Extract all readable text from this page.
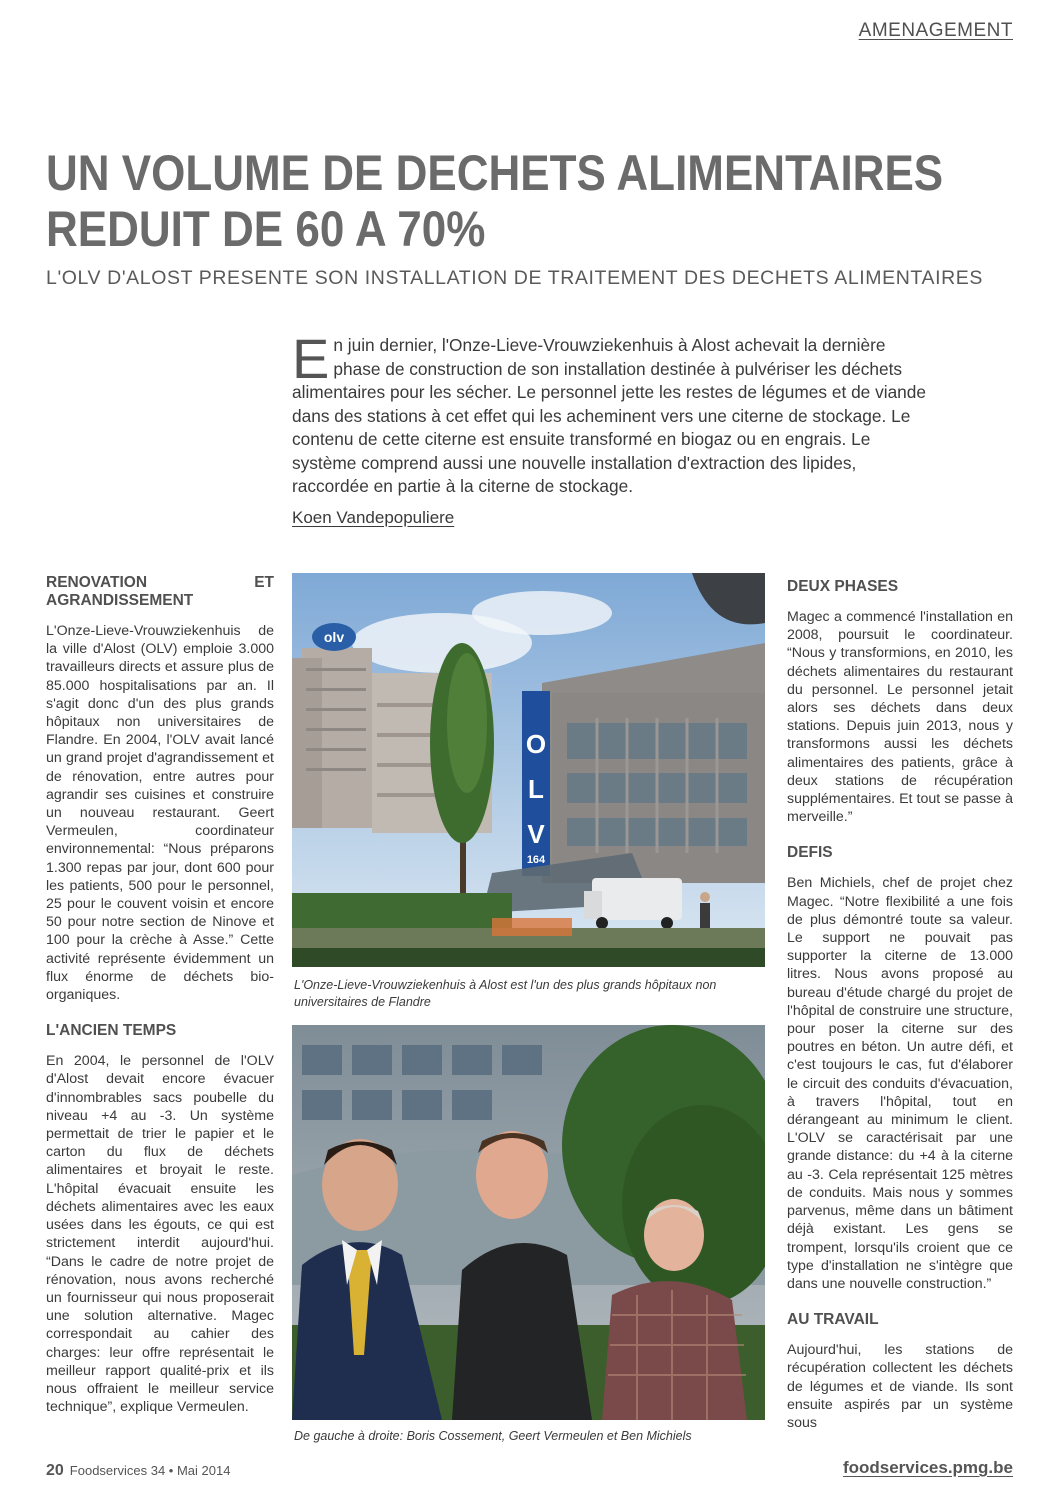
AMENAGEMENT
UN VOLUME DE DECHETS ALIMENTAIRES
REDUIT DE 60 A 70%
L'OLV D'ALOST PRESENTE SON INSTALLATION DE TRAITEMENT DES DECHETS ALIMENTAIRES

En juin dernier, l'Onze-Lieve-Vrouwziekenhuis à Alost achevait la dernière phase de construction de son installation destinée à pulvériser les déchets alimentaires pour les sécher. Le personnel jette les restes de légumes et de viande dans des stations à cet effet qui les acheminent vers une citerne de stockage. Le contenu de cette citerne est ensuite transformé en biogaz ou en engrais. Le système comprend aussi une nouvelle installation d'extraction des lipides, raccordée en partie à la citerne de stockage.

Koen Vandepopuliere
RENOVATION ET AGRANDISSEMENT

L'Onze-Lieve-Vrouwziekenhuis de la ville d'Alost (OLV) emploie 3.000 travailleurs directs et assure plus de 85.000 hospitalisations par an. Il s'agit donc d'un des plus grands hôpitaux non universitaires de Flandre. En 2004, l'OLV avait lancé un grand projet d'agrandissement et de rénovation, entre autres pour agrandir ses cuisines et construire un nouveau restaurant. Geert Vermeulen, coordinateur environnemental: “Nous préparons 1.300 repas par jour, dont 600 pour les patients, 500 pour le personnel, 25 pour le couvent voisin et encore 50 pour notre section de Ninove et 100 pour la crèche à Asse.” Cette activité représente évidemment un flux énorme de déchets bio-organiques.

L'ANCIEN TEMPS

En 2004, le personnel de l'OLV d'Alost devait encore évacuer d'innombrables sacs poubelle du niveau +4 au -3. Un système permettait de trier le papier et le carton du flux de déchets alimentaires et broyait le reste. L'hôpital évacuait ensuite les déchets alimentaires avec les eaux usées dans les égouts, ce qui est strictement interdit aujourd'hui. “Dans le cadre de notre projet de rénovation, nous avons recherché un fournisseur qui nous proposerait une solution alternative. Magec correspondait au cahier des charges: leur offre représentait le meilleur rapport qualité-prix et ils nous offraient le meilleur service technique”, explique Vermeulen.

olv
O
L
V
164
L'Onze-Lieve-Vrouwziekenhuis à Alost est l'un des plus grands hôpitaux non universitaires de Flandre
De gauche à droite: Boris Cossement, Geert Vermeulen et Ben Michiels
DEUX PHASES

Magec a commencé l'installation en 2008, poursuit le coordinateur. “Nous y transformions, en 2010, les déchets alimentaires du restaurant du personnel. Le personnel jetait alors ses déchets dans deux stations. Depuis juin 2013, nous y transformons aussi les déchets alimentaires des patients, grâce à deux stations de récupération supplémentaires. Et tout se passe à merveille.”

DEFIS

Ben Michiels, chef de projet chez Magec. “Notre flexibilité a une fois de plus démontré toute sa valeur. Le support ne pouvait pas supporter la citerne de 13.000 litres. Nous avons proposé au bureau d'étude chargé du projet de l'hôpital de construire une structure, pour poser la citerne sur des poutres en béton. Un autre défi, et c'est toujours le cas, fut d'élaborer le circuit des conduits d'évacuation, à travers l'hôpital, tout en dérangeant au minimum le client. L'OLV se caractérisait par une grande distance: du +4 à la citerne au -3. Cela représentait 125 mètres de conduits. Mais nous y sommes parvenus, même dans un bâtiment déjà existant. Les gens se trompent, lorsqu'ils croient que ce type d'installation ne s'intègre que dans une nouvelle construction.”

AU TRAVAIL

Aujourd'hui, les stations de récupération collectent les déchets de légumes et de viande. Ils sont ensuite aspirés par un système sous

20 Foodservices 34 • Mai 2014	foodservices.pmg.be
